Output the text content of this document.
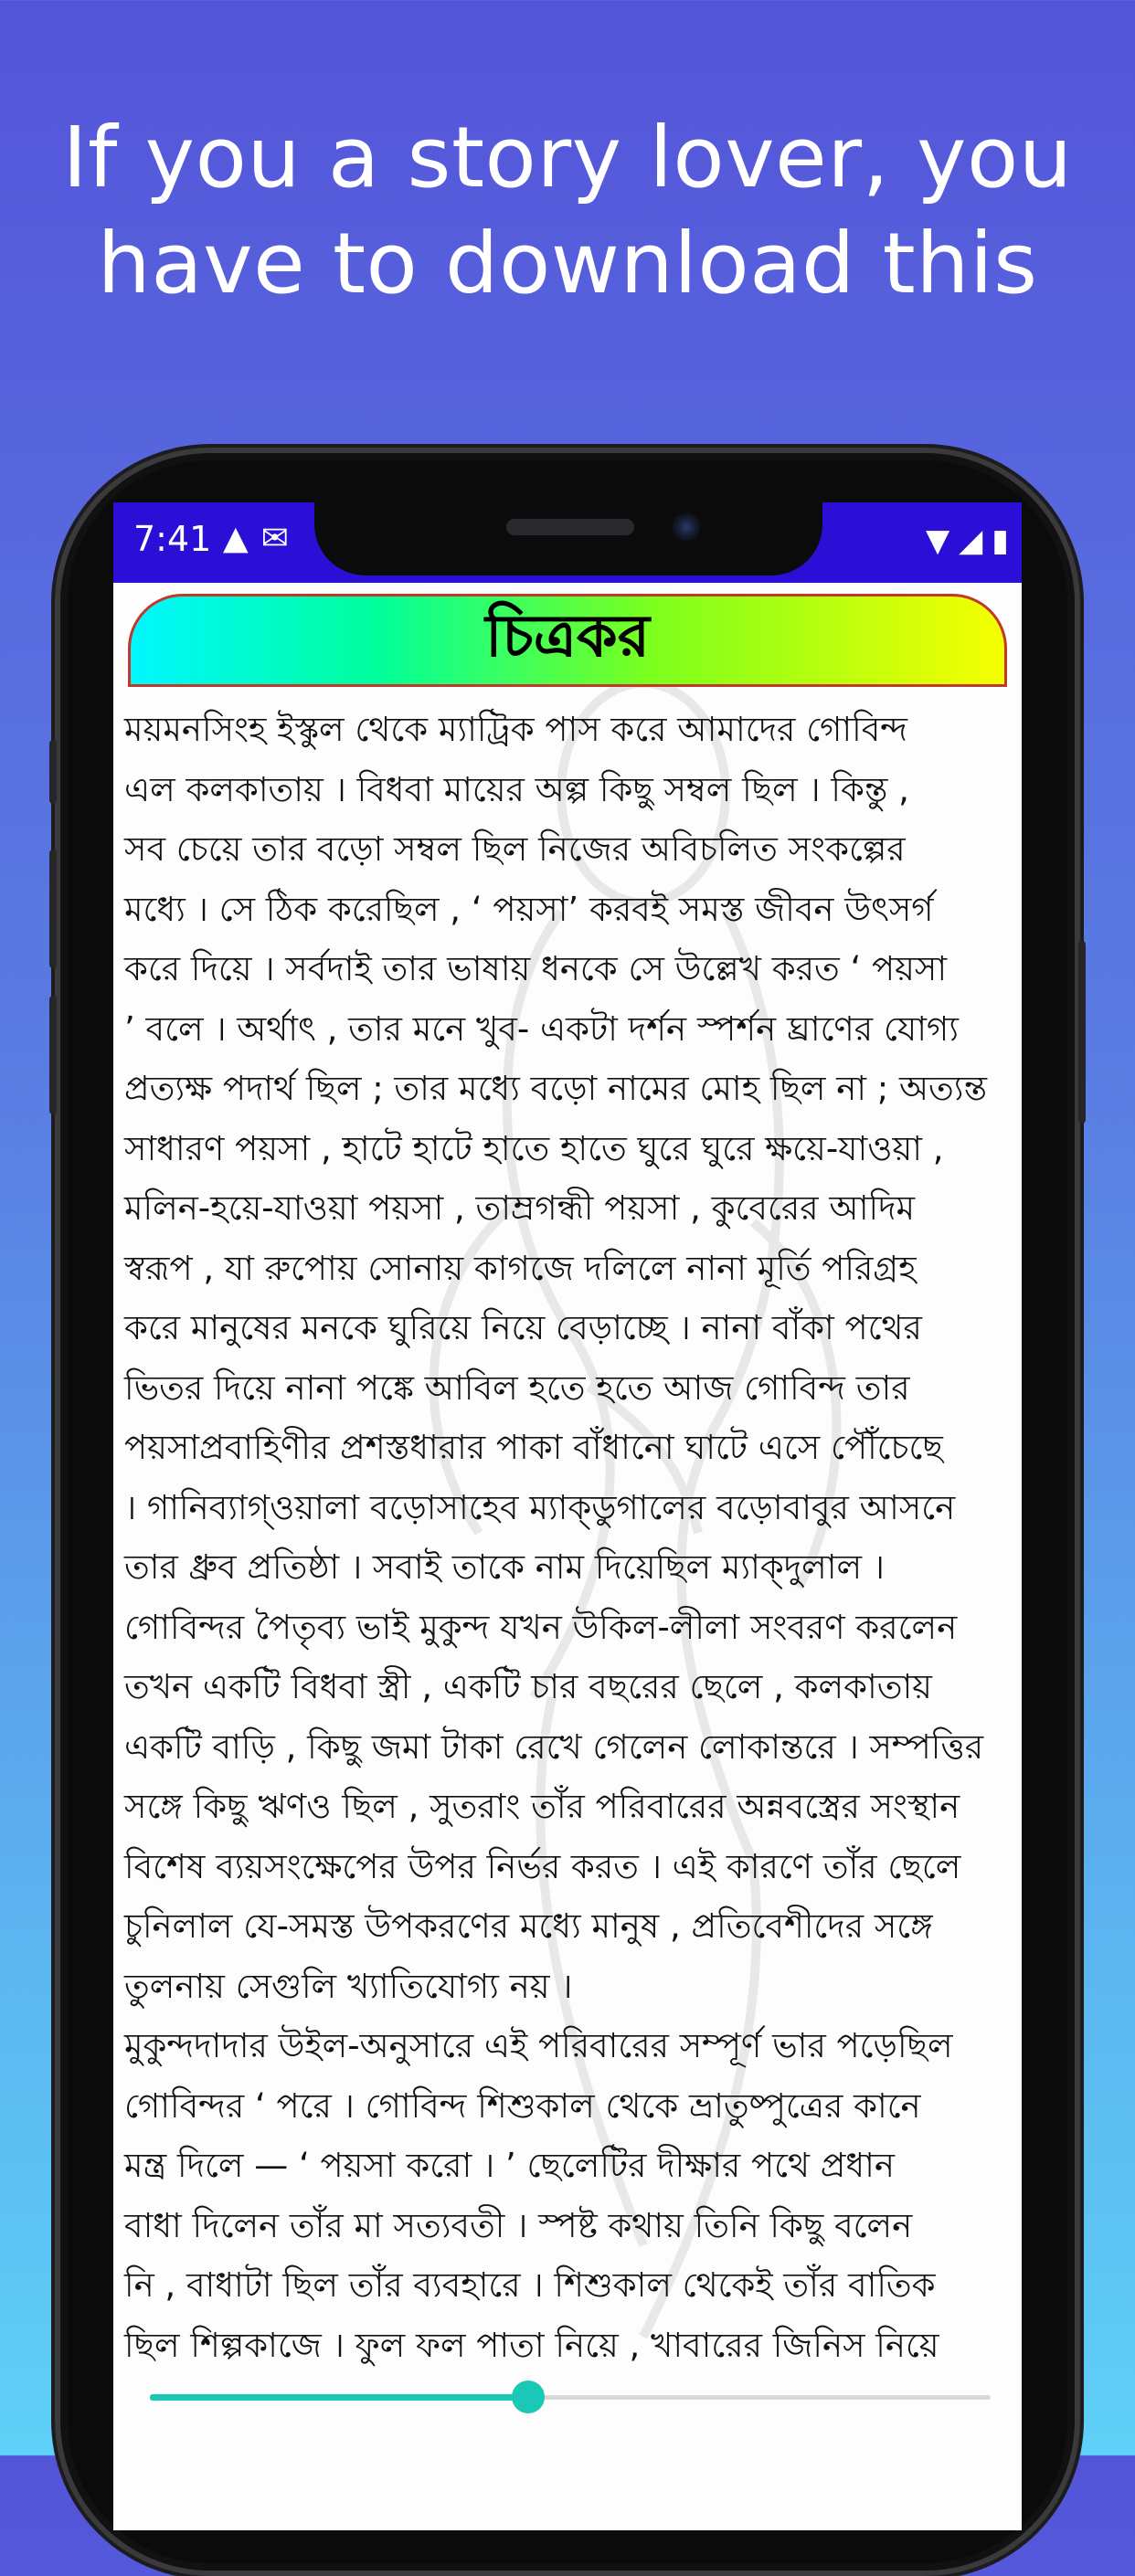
If you a story lover, you
have to download this
চিত্রকর
ময়মনসিংহ ইস্কুল থেকে ম্যাট্রিক পাস করে আমাদের গোবিন্দ
এল কলকাতায় । বিধবা মায়ের অল্প কিছু সম্বল ছিল । কিন্তু ,
সব চেয়ে তার বড়ো সম্বল ছিল নিজের অবিচলিত সংকল্পের
মধ্যে । সে ঠিক করেছিল , ‘ পয়সা’ করবই সমস্ত জীবন উৎসর্গ
করে দিয়ে । সর্বদাই তার ভাষায় ধনকে সে উল্লেখ করত ‘ পয়সা
’ বলে । অর্থাৎ , তার মনে খুব- একটা দর্শন স্পর্শন ঘ্রাণের যোগ্য
প্রত্যক্ষ পদার্থ ছিল ; তার মধ্যে বড়ো নামের মোহ ছিল না ; অত্যন্ত
সাধারণ পয়সা , হাটে হাটে হাতে হাতে ঘুরে ঘুরে ক্ষয়ে-যাওয়া ,
মলিন-হয়ে-যাওয়া পয়সা , তাম্রগন্ধী পয়সা , কুবেরের আদিম
স্বরূপ , যা রুপোয় সোনায় কাগজে দলিলে নানা মূর্তি পরিগ্রহ
করে মানুষের মনকে ঘুরিয়ে নিয়ে বেড়াচ্ছে । নানা বাঁকা পথের
ভিতর দিয়ে নানা পঙ্কে আবিল হতে হতে আজ গোবিন্দ তার
পয়সাপ্রবাহিণীর প্রশস্তধারার পাকা বাঁধানো ঘাটে এসে পৌঁচেছে
। গানিব্যাগ্‌ওয়ালা বড়োসাহেব ম্যাক্‌ডুগালের বড়োবাবুর আসনে
তার ধ্রুব প্রতিষ্ঠা । সবাই তাকে নাম দিয়েছিল ম্যাক্‌দুলাল ।
গোবিন্দর পৈতৃব্য ভাই মুকুন্দ যখন উকিল-লীলা সংবরণ করলেন
তখন একটি বিধবা স্ত্রী , একটি চার বছরের ছেলে , কলকাতায়
একটি বাড়ি , কিছু জমা টাকা রেখে গেলেন লোকান্তরে । সম্পত্তির
সঙ্গে কিছু ঋণও ছিল , সুতরাং তাঁর পরিবারের অন্নবস্ত্রের সংস্থান
বিশেষ ব্যয়সংক্ষেপের উপর নির্ভর করত । এই কারণে তাঁর ছেলে
চুনিলাল যে-সমস্ত উপকরণের মধ্যে মানুষ , প্রতিবেশীদের সঙ্গে
তুলনায় সেগুলি খ্যাতিযোগ্য নয় ।
মুকুন্দদাদার উইল-অনুসারে এই পরিবারের সম্পূর্ণ ভার পড়েছিল
গোবিন্দর ‘ পরে । গোবিন্দ শিশুকাল থেকে ভ্রাতুষ্পুত্রের কানে
মন্ত্র দিলে — ‘ পয়সা করো । ’ ছেলেটির দীক্ষার পথে প্রধান
বাধা দিলেন তাঁর মা সত্যবতী । স্পষ্ট কথায় তিনি কিছু বলেন
নি , বাধাটা ছিল তাঁর ব্যবহারে । শিশুকাল থেকেই তাঁর বাতিক
ছিল শিল্পকাজে । ফুল ফল পাতা নিয়ে , খাবারের জিনিস নিয়ে
7:41 ▲ ✉	▼ ◢ ▮
